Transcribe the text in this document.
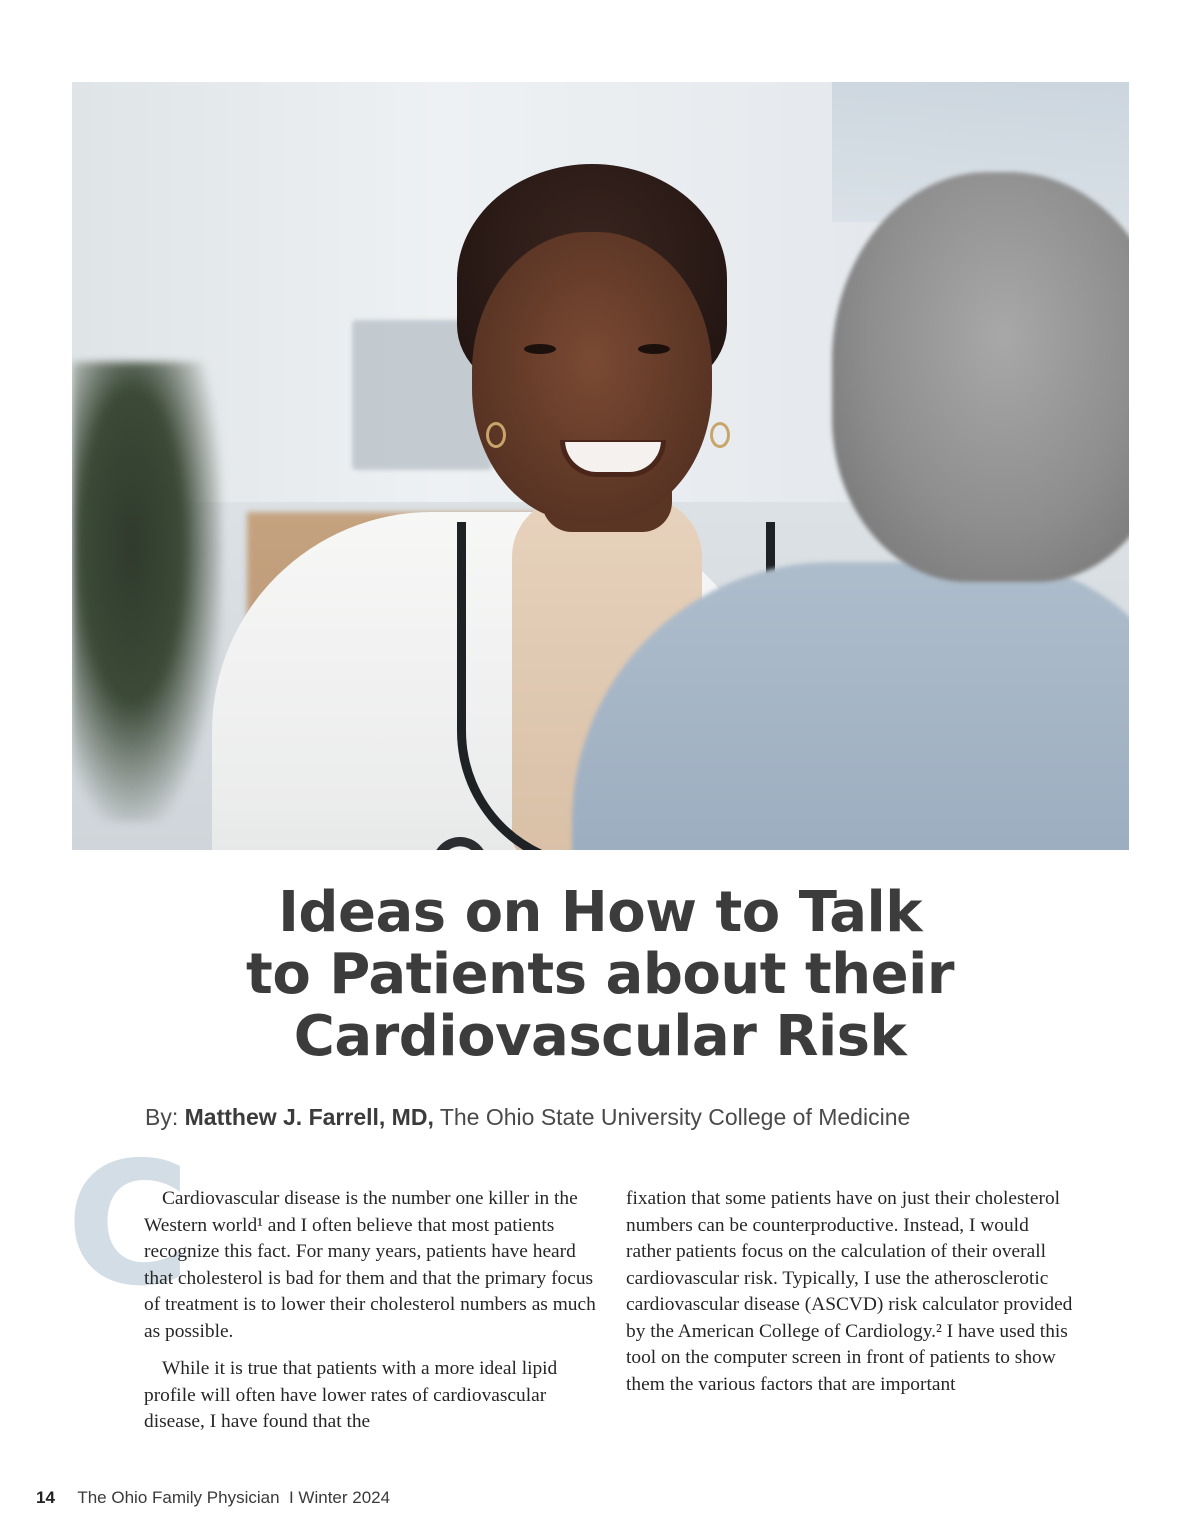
Ideas on How to Talk
to Patients about their
Cardiovascular Risk

By: Matthew J. Farrell, MD, The Ohio State University College of Medicine

C

Cardiovascular disease is the number one killer in the Western world¹ and I often believe that most patients recognize this fact. For many years, patients have heard that cholesterol is bad for them and that the primary focus of treatment is to lower their cholesterol numbers as much as possible.

While it is true that patients with a more ideal lipid profile will often have lower rates of cardiovascular disease, I have found that the

fixation that some patients have on just their cholesterol numbers can be counterproductive. Instead, I would rather patients focus on the calculation of their overall cardiovascular risk. Typically, I use the atherosclerotic cardiovascular disease (ASCVD) risk calculator provided by the American College of Cardiology.² I have used this tool on the computer screen in front of patients to show them the various factors that are important

14 The Ohio Family Physician  I Winter 2024
